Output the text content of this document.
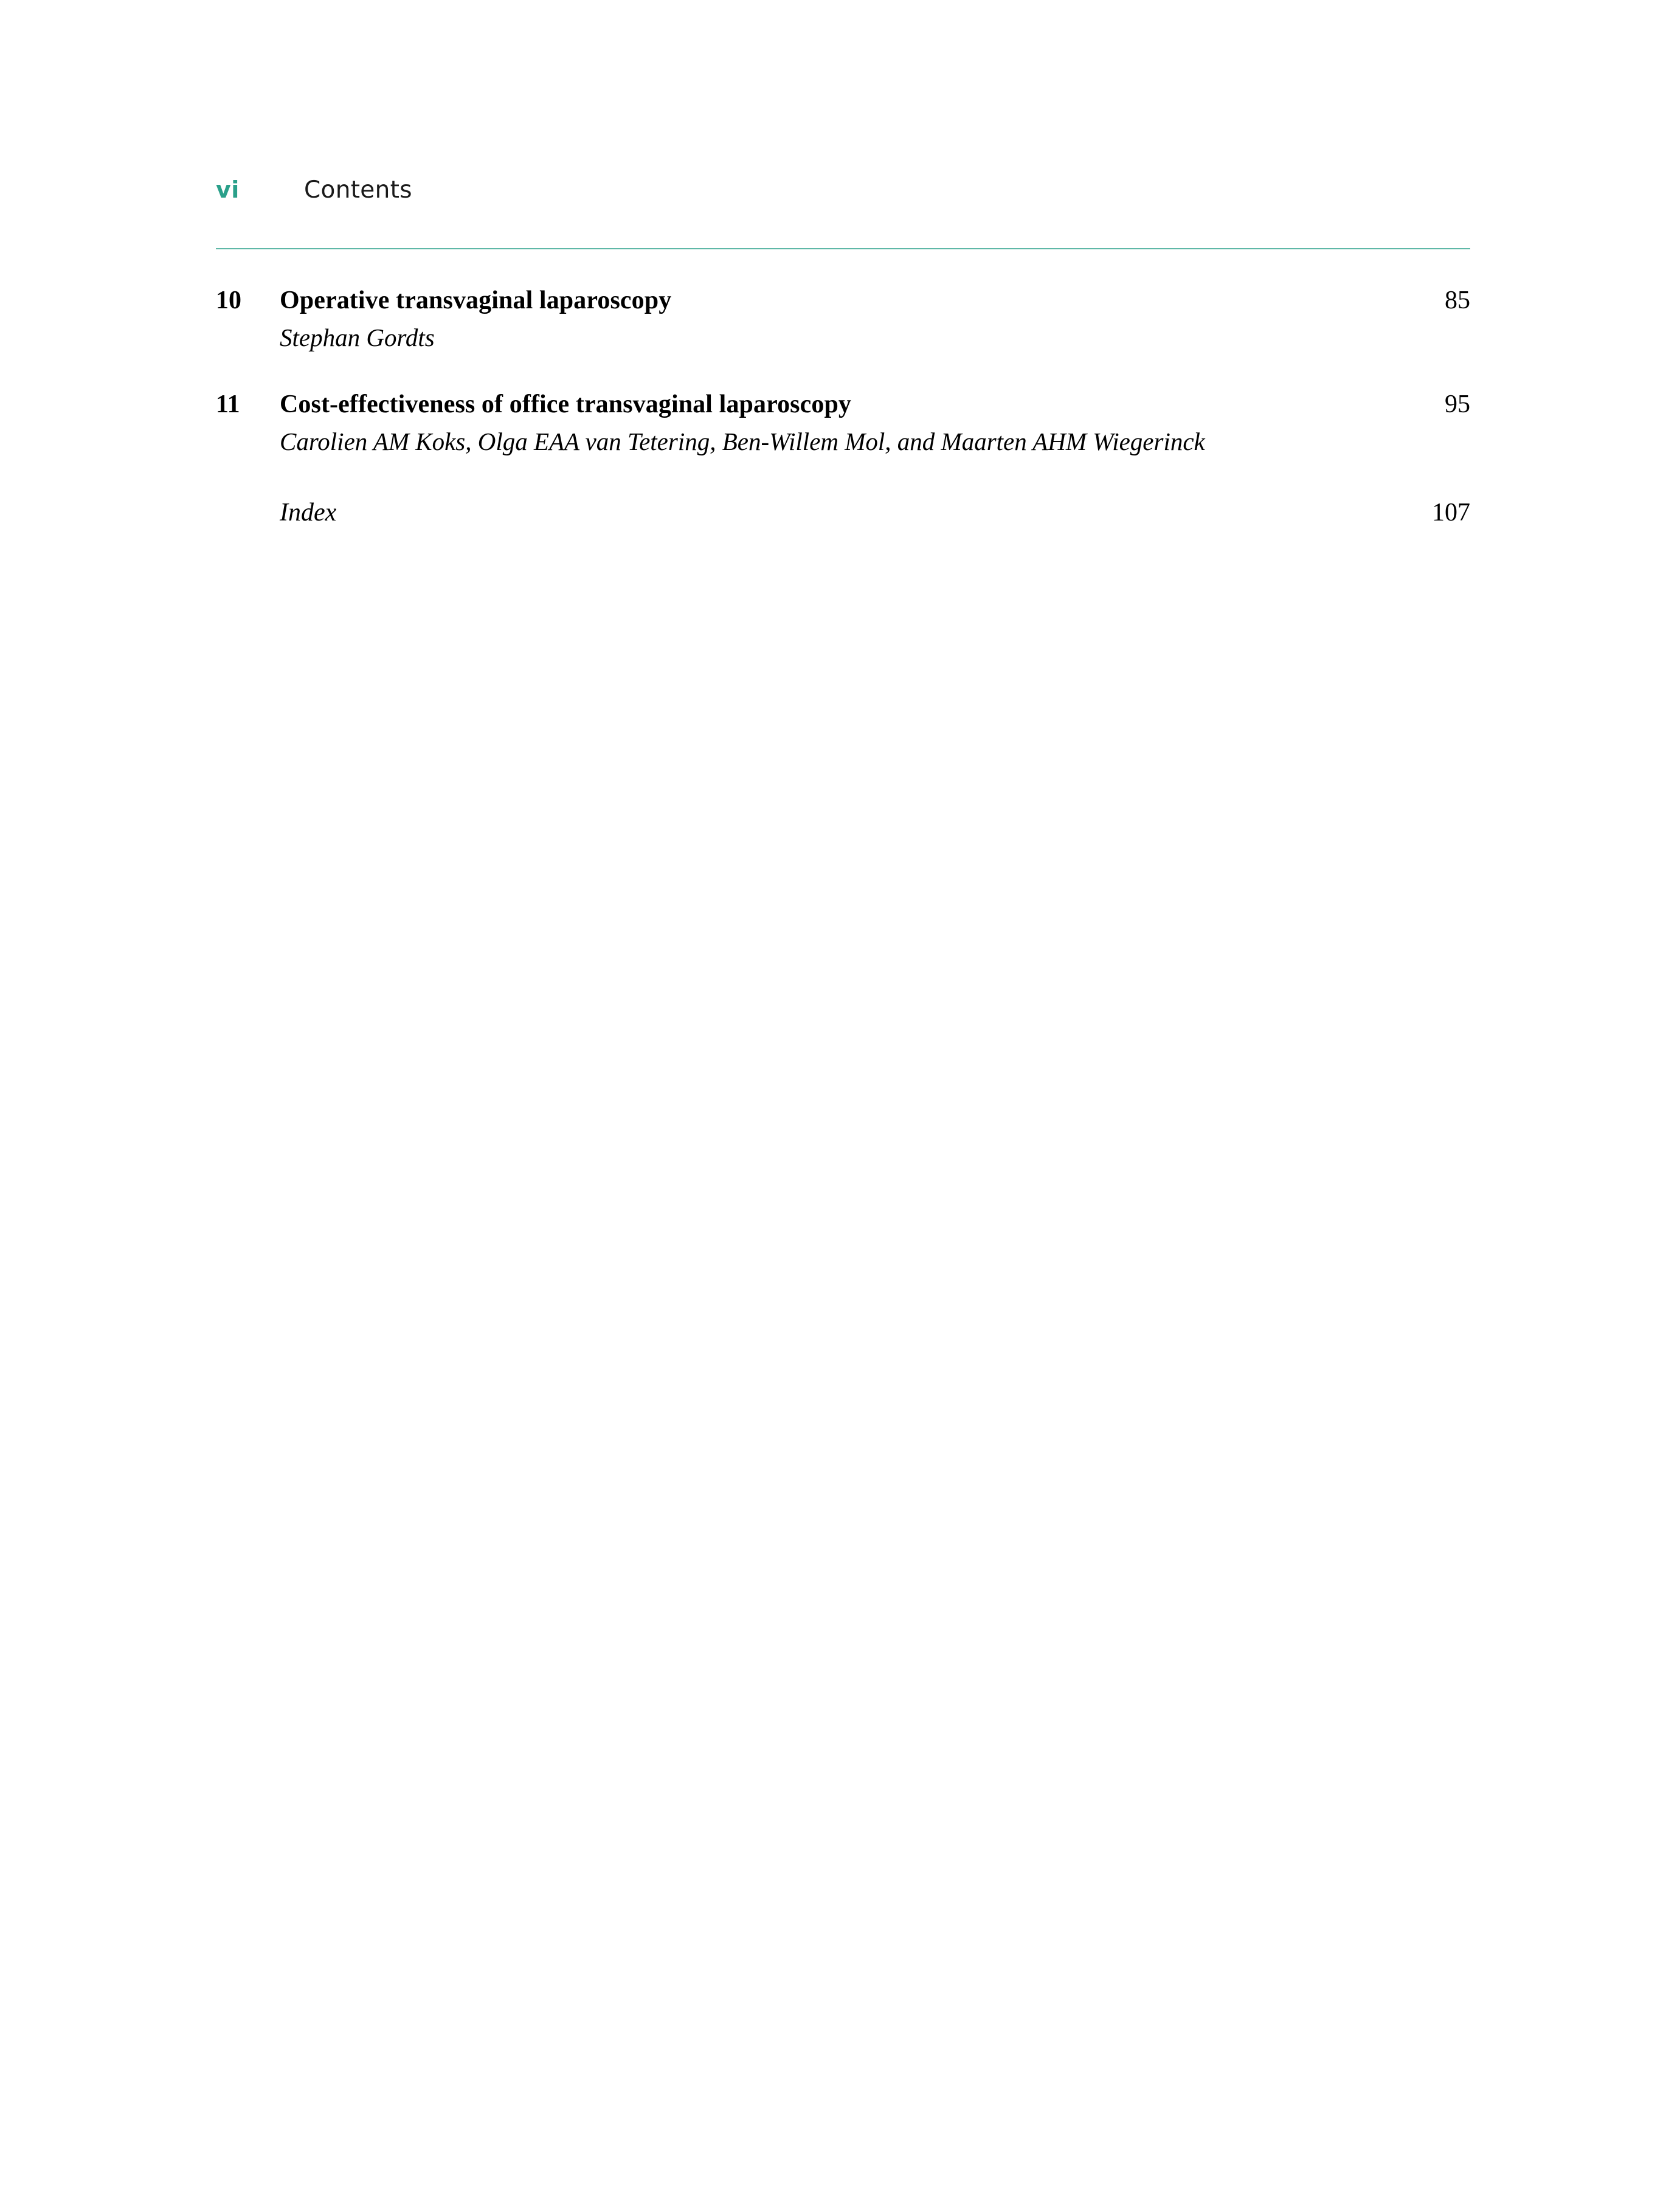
vi	Contents
10	Operative transvaginal laparoscopy	85
Stephan Gordts
11	Cost-effectiveness of office transvaginal laparoscopy	95
Carolien AM Koks, Olga EAA van Tetering, Ben-Willem Mol, and Maarten AHM Wiegerinck
Index	107
